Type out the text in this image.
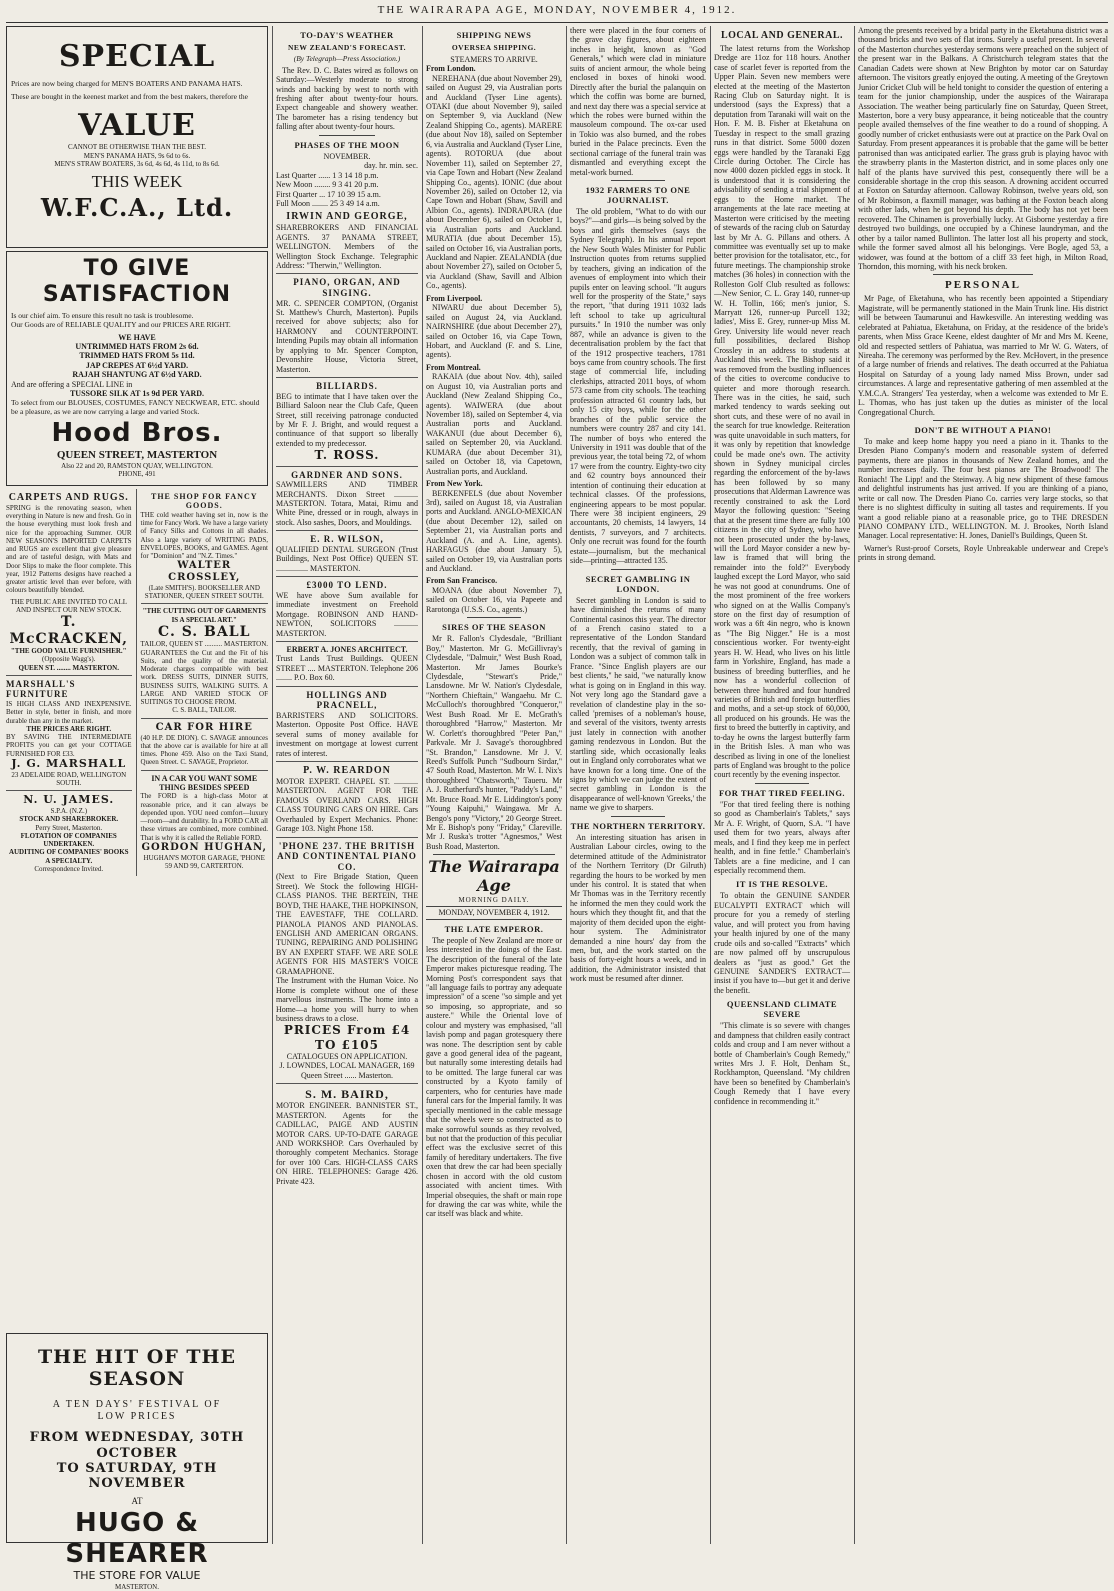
THE WAIRARAPA AGE, MONDAY, NOVEMBER 4, 1912.
SPECIAL
Prices are now being charged for MEN'S BOATERS AND PANAMA HATS.
These are bought in the keenest market and from the best makers, therefore the
VALUE
CANNOT BE OTHERWISE THAN THE BEST.
MEN'S PANAMA HATS, 9s 6d to 6s.
MEN'S STRAW BOATERS, 3s 6d, 4s 6d, 4s 11d, to 8s 6d.
THIS WEEK
W.F.C.A., Ltd.
TO GIVE SATISFACTION
Is our chief aim. To ensure this result no task is troublesome.
Our Goods are of RELIABLE QUALITY and our PRICES ARE RIGHT.
WE HAVE
UNTRIMMED HATS FROM 2s 6d.
TRIMMED HATS FROM 5s 11d.
JAP CREPES AT 6½d YARD.
RAJAH SHANTUNG AT 6½d YARD.
And are offering a SPECIAL LINE in
TUSSORE SILK AT 1s 9d PER YARD.
To select from our BLOUSES, COSTUMES, FANCY NECKWEAR, ETC. should be a pleasure, as we are now carrying a large and varied Stock.
Hood Bros.
QUEEN STREET, MASTERTON
Also 22 and 20, RAMSTON QUAY, WELLINGTON.
PHONE, 491
CARPETS AND RUGS.
SPRING is the renovating season, when everything in Nature is new and fresh. Go in the house everything must look fresh and nice for the approaching Summer. OUR NEW SEASON'S IMPORTED CARPETS and RUGS are excellent that give pleasure and are of tasteful design, with Mats and Door Slips to make the floor complete. This year, 1912 Patterns designs have reached a greater artistic level than ever before, with colours beautifully blended.
THE PUBLIC ARE INVITED TO CALL AND INSPECT OUR NEW STOCK.
T. McCRACKEN,
"THE GOOD VALUE FURNISHER."
(Opposite Wagg's).
QUEEN ST. ........ MASTERTON.
MARSHALL'S FURNITURE
IS HIGH CLASS AND INEXPENSIVE. Better in style, better in finish, and more durable than any in the market.
THE PRICES ARE RIGHT.
BY SAVING THE INTERMEDIATE PROFITS you can get your COTTAGE FURNISHED FOR £33.
J. G. MARSHALL
23 ADELAIDE ROAD, WELLINGTON SOUTH.
N. U. JAMES.
S.P.A. (N.Z.)
STOCK AND SHAREBROKER.
Perry Street, Masterton.
FLOTATION OF COMPANIES UNDERTAKEN.
AUDITING OF COMPANIES' BOOKS A SPECIALTY.
Correspondence Invited.
THE SHOP FOR FANCY GOODS.
THE cold weather having set in, now is the time for Fancy Work. We have a large variety of Fancy Silks and Cottons in all shades. Also a large variety of WRITING PADS, ENVELOPES, BOOKS, and GAMES. Agent for "Dominion" and "N.Z. Times."
WALTER CROSSLEY,
(Late SMITH'S). BOOKSELLER AND STATIONER, QUEEN STREET SOUTH.
"THE CUTTING OUT OF GARMENTS IS A SPECIAL ART."
C. S. BALL
TAILOR, QUEEN ST .......... MASTERTON. GUARANTEES the Cut and the Fit of his Suits, and the quality of the material. Moderate charges compatible with best work. DRESS SUITS, DINNER SUITS, BUSINESS SUITS, WALKING SUITS. A LARGE AND VARIED STOCK OF SUITINGS TO CHOOSE FROM.
C. S. BALL, TAILOR.
CAR FOR HIRE
(40 H.P. DE DION). C. SAVAGE announces that the above car is available for hire at all times. Phone 459. Also on the Taxi Stand, Queen Street. C. SAVAGE, Proprietor.
IN A CAR YOU WANT SOME THING BESIDES SPEED
The FORD is a high-class Motor at reasonable price, and it can always be depended upon. YOU need comfort—luxury—room—and durability. In a FORD CAR all these virtues are combined, more combined. That is why it is called the Reliable FORD.
GORDON HUGHAN,
HUGHAN'S MOTOR GARAGE, 'PHONE 59 AND 99, CARTERTON.
THE HIT OF THE SEASON
A TEN DAYS' FESTIVAL OF
LOW PRICES
FROM WEDNESDAY, 30TH OCTOBER
TO SATURDAY, 9TH NOVEMBER
AT
HUGO & SHEARER
THE STORE FOR VALUE
MASTERTON.
TO-DAY'S WEATHER
NEW ZEALAND'S FORECAST.
(By Telegraph—Press Association.)

The Rev. D. C. Bates wired as follows on Saturday:—Westerly moderate to strong winds and backing by west to north with freshing after about twenty-four hours. Expect changeable and showery weather. The barometer has a rising tendency but falling after about twenty-four hours.

PHASES OF THE MOON
NOVEMBER.
day. hr. min. sec.
Last Quarter ...... 1 3 14 18 p.m.
New Moon ........ 9 3 41 20 p.m.
First Quarter ... 17 10 39 15 a.m.
Full Moon ........ 25 3 49 14 a.m.
IRWIN AND GEORGE,
SHAREBROKERS AND FINANCIAL AGENTS. 37 PANAMA STREET, WELLINGTON. Members of the Wellington Stock Exchange. Telegraphic Address: "Therwin," Wellington.
PIANO, ORGAN, AND SINGING.
MR. C. SPENCER COMPTON, (Organist St. Matthew's Church, Masterton). Pupils received for above subjects; also for HARMONY and COUNTERPOINT. Intending Pupils may obtain all information by applying to Mr. Spencer Compton, Devonshire House, Victoria Street, Masterton.
BILLIARDS.
BEG to intimate that I have taken over the Billiard Saloon near the Club Cafe, Queen Street, still receiving patronage conducted by Mr F. J. Bright, and would request a continuance of that support so liberally extended to my predecessor.
T. ROSS.
GARDNER AND SONS.
SAWMILLERS AND TIMBER MERCHANTS. Dixon Street ............ MASTERTON. Totara, Matai, Rimu and White Pine, dressed or in rough, always in stock. Also sashes, Doors, and Mouldings.
E. R. WILSON,
QUALIFIED DENTAL SURGEON (Trust Buildings, Next Post Office) QUEEN ST. ................ MASTERTON.
£3000 TO LEND.
WE have above Sum available for immediate investment on Freehold Mortgage. ROBINSON AND HAND-NEWTON, SOLICITORS ............ MASTERTON.
ERBERT A. JONES ARCHITECT.
Trust Lands Trust Buildings. QUEEN STREET .... MASTERTON. Telephone 206 ........ P.O. Box 60.
HOLLINGS AND PRACNELL,
BARRISTERS AND SOLICITORS. Masterton. Opposite Post Office. HAVE several sums of money available for investment on mortgage at lowest current rates of interest.
P. W. REARDON
MOTOR EXPERT. CHAPEL ST. ............ MASTERTON. AGENT FOR THE FAMOUS OVERLAND CARS. HIGH CLASS TOURING CARS ON HIRE. Cars Overhauled by Expert Mechanics. Phone: Garage 103. Night Phone 158.
'PHONE 237. THE BRITISH AND CONTINENTAL PIANO CO.
(Next to Fire Brigade Station, Queen Street). We Stock the following HIGH-CLASS PIANOS. THE BERTEIN, THE BOYD, THE HAAKE, THE HOPKINSON, THE EAVESTAFF, THE COLLARD. PIANOLA PIANOS AND PIANOLAS. ENGLISH AND AMERICAN ORGANS. TUNING, REPAIRING AND POLISHING BY AN EXPERT STAFF. WE ARE SOLE AGENTS FOR HIS MASTER'S VOICE GRAMAPHONE.
The Instrument with the Human Voice. No Home is complete without one of these marvellous instruments. The home into a Home—a home you will hurry to when business draws to a close.
PRICES From £4 TO £105
CATALOGUES ON APPLICATION.
J. LOWNDES, LOCAL MANAGER, 169 Queen Street ...... Masterton.
S. M. BAIRD,
MOTOR ENGINEER. BANNISTER ST., MASTERTON. Agents for the CADILLAC, PAIGE AND AUSTIN MOTOR CARS. UP-TO-DATE GARAGE AND WORKSHOP. Cars Overhauled by thoroughly competent Mechanics. Storage for over 100 Cars. HIGH-CLASS CARS ON HIRE. TELEPHONES: Garage 426. Private 423.
SHIPPING NEWS
OVERSEA SHIPPING.
STEAMERS TO ARRIVE.
From London.

NEREHANA (due about November 29), sailed on August 29, via Australian ports and Auckland (Tyser Line agents). OTAKI (due about November 9), sailed on September 9, via Auckland (New Zealand Shipping Co., agents). MARERE (due about Nov 18), sailed on September 6, via Australia and Auckland (Tyser Line, agents). ROTORUA (due about November 11), sailed on September 27, via Cape Town and Hobart (New Zealand Shipping Co., agents). IONIC (due about November 26), sailed on October 12, via Cape Town and Hobart (Shaw, Savill and Albion Co., agents). INDRAPURA (due about December 6), sailed on October 1, via Australian ports and Auckland. MURATIA (due about December 15), sailed on October 16, via Australian ports, Auckland and Napier. ZEALANDIA (due about November 27), sailed on October 5, via Auckland (Shaw, Savill and Albion Co., agents).

From Liverpool.

NIWARU due about December 5), sailed on August 24, via Auckland. NAIRNSHIRE (due about December 27), sailed on October 16, via Cape Town, Hobart, and Auckland (F. and S. Line, agents).

From Montreal.

RAKAIA (due about Nov. 4th), sailed on August 10, via Australian ports and Auckland (New Zealand Shipping Co., agents). WAIWERA (due about November 18), sailed on September 4, via Australian ports and Auckland. WAKANUI (due about December 6), sailed on September 20, via Auckland. KUMARA (due about December 31), sailed on October 18, via Capetown, Australian ports, and Auckland.

From New York.

BERKENFELS (due about November 3rd), sailed on August 18, via Australian ports and Auckland. ANGLO-MEXICAN (due about December 12), sailed on September 21, via Australian ports and Auckland (A. and A. Line, agents). HARFAGUS (due about January 5), sailed on October 19, via Australian ports and Auckland.

From San Francisco.

MOANA (due about November 7), sailed on October 16, via Papeete and Rarotonga (U.S.S. Co., agents.)

SIRES OF THE SEASON

Mr R. Fallon's Clydesdale, "Brilliant Boy," Masterton. Mr G. McGillivray's Clydesdale, "Dalmuir," West Bush Road, Masterton. Mr James Bourke's Clydesdale, "Stewart's Pride," Lansdowne. Mr W. Nation's Clydesdale, "Northern Chieftain," Wangaehu. Mr C. McCulloch's thoroughbred "Conqueror," West Bush Road. Mr E. McGrath's thoroughbred "Harrow," Masterton. Mr W. Corlett's thoroughbred "Peter Pan," Parkvale. Mr J. Savage's thoroughbred "St. Brandon," Lansdowne. Mr J. V. Reed's Suffolk Punch "Sudbourn Sirdar," 47 South Road, Masterton. Mr W. I. Nix's thoroughbred "Chatsworth," Taueru. Mr A. J. Rutherfurd's hunter, "Paddy's Land," Mt. Bruce Road. Mr E. Liddington's pony "Young Kaipuhi," Waingawa. Mr A. Bengo's pony "Victory," 20 George Street. Mr E. Bishop's pony "Friday," Clareville. Mr J. Ruska's trotter "Agnesmos," West Bush Road, Masterton.

The Wairarapa Age
MORNING DAILY.
MONDAY, NOVEMBER 4, 1912.
THE LATE EMPEROR.

The people of New Zealand are more or less interested in the doings of the East. The description of the funeral of the late Emperor makes picturesque reading. The Morning Post's correspondent says that "all language fails to portray any adequate impression" of a scene "so simple and yet so imposing, so appropriate, and so austere." While the Oriental love of colour and mystery was emphasised, "all lavish pomp and pagan grotesquery there was none. The description sent by cable gave a good general idea of the pageant, but naturally some interesting details had to be omitted. The large funeral car was constructed by a Kyoto family of carpenters, who for centuries have made funeral cars for the Imperial family. It was specially mentioned in the cable message that the wheels were so constructed as to make sorrowful sounds as they revolved, but not that the production of this peculiar effect was the exclusive secret of this family of hereditary undertakers. The five oxen that drew the car had been specially chosen in accord with the old custom associated with ancient times. With Imperial obsequies, the shaft or main rope for drawing the car was white, while the car itself was black and white.

there were placed in the four corners of the grave clay figures, about eighteen inches in height, known as "God Generals," which were clad in miniature suits of ancient armour, the whole being enclosed in boxes of hinoki wood. Directly after the burial the palanquin on which the coffin was borne are burned, and next day there was a special service at which the robes were burned within the mausoleum compound. The ox-car used in Tokio was also burned, and the robes buried in the Palace precincts. Even the sectional carriage of the funeral train was dismantled and everything except the metal-work burned.

1932 FARMERS TO ONE JOURNALIST.

The old problem, "What to do with our boys?"—and girls—is being solved by the boys and girls themselves (says the Sydney Telegraph). In his annual report the New South Wales Minister for Public Instruction quotes from returns supplied by teachers, giving an indication of the avenues of employment into which their pupils enter on leaving school. "It augurs well for the prosperity of the State," says the report, "that during 1911 1032 lads left school to take up agricultural pursuits." In 1910 the number was only 887, while an advance is given to the decentralisation problem by the fact that of the 1912 prospective teachers, 1781 boys came from country schools. The first stage of commercial life, including clerkships, attracted 2011 boys, of whom 573 came from city schools. The teaching profession attracted 61 country lads, but only 15 city boys, while for the other branches of the public service the numbers were country 287 and city 141. The number of boys who entered the University in 1911 was double that of the previous year, the total being 72, of whom 17 were from the country. Eighty-two city and 62 country boys announced their intention of continuing their education at technical classes. Of the professions, engineering appears to be most popular. There were 38 incipient engineers, 29 accountants, 20 chemists, 14 lawyers, 14 dentists, 7 surveyors, and 7 architects. Only one recruit was found for the fourth estate—journalism, but the mechanical side—printing—attracted 135.

SECRET GAMBLING IN LONDON.

Secret gambling in London is said to have diminished the returns of many Continental casinos this year. The director of a French casino stated to a representative of the London Standard recently, that the revival of gaming in London was a subject of common talk in France. "Since English players are our best clients," he said, "we naturally know what is going on in England in this way. Not very long ago the Standard gave a revelation of clandestine play in the so-called 'premises of a nobleman's house, and several of the visitors, twenty arrests just lately in connection with another gaming rendezvous in London. But the startling side, which occasionally leaks out in England only corroborates what we have known for a long time. One of the signs by which we can judge the extent of secret gambling in London is the disappearance of well-known 'Greeks,' the name we give to sharpers.

THE NORTHERN TERRITORY.

An interesting situation has arisen in Australian Labour circles, owing to the determined attitude of the Administrator of the Northern Territory (Dr Gilruth) regarding the hours to be worked by men under his control. It is stated that when Mr Thomas was in the Territory recently he informed the men they could work the hours which they thought fit, and that the majority of them decided upon the eight-hour system. The Administrator demanded a nine hours' day from the men, but, and the work started on the basis of forty-eight hours a week, and in addition, the Administrator insisted that work must be resumed after dinner.

LOCAL AND GENERAL.

The latest returns from the Workshop Dredge are 11oz for 118 hours. Another case of scarlet fever is reported from the Upper Plain. Seven new members were elected at the meeting of the Masterton Racing Club on Saturday night. It is understood (says the Express) that a deputation from Taranaki will wait on the Hon. F. M. B. Fisher at Eketahuna on Tuesday in respect to the small grazing runs in that district. Some 5000 dozen eggs were handled by the Taranaki Egg Circle during October. The Circle has now 4000 dozen pickled eggs in stock. It is understood that it is considering the advisability of sending a trial shipment of eggs to the Home market. The arrangements at the late race meeting at Masterton were criticised by the meeting of stewards of the racing club on Saturday last by Mr A. G. Pillans and others. A committee was eventually set up to make better provision for the totalisator, etc., for future meetings. The championship stroke matches (36 holes) in connection with the Rolleston Golf Club resulted as follows:—New Senior, C. L. Gray 140, runner-up W. H. Tollin, 166; men's junior, S. Marryatt 126, runner-up Purcell 132; ladies', Miss E. Grey, runner-up Miss M. Grey. University life would never reach full possibilities, declared Bishop Crossley in an address to students at Auckland this week. The Bishop said it was removed from the bustling influences of the cities to overcome conducive to quieter and more thorough research. There was in the cities, he said, such marked tendency to wards seeking out short cuts, and these were of no avail in the search for true knowledge. Reiteration was quite unavoidable in such matters, for it was only by repetition that knowledge could be made one's own. The activity shown in Sydney municipal circles regarding the enforcement of the by-laws has been followed by so many prosecutions that Alderman Lawrence was recently constrained to ask the Lord Mayor the following question: "Seeing that at the present time there are fully 100 citizens in the city of Sydney, who have not been prosecuted under the by-laws, will the Lord Mayor consider a new by-law is framed that will bring the remainder into the fold?" Everybody laughed except the Lord Mayor, who said he was not good at conundrums. One of the most prominent of the free workers who signed on at the Wallis Company's store on the first day of resumption of work was a 6ft 4in negro, who is known as "The Big Nigger." He is a most conscientious worker. For twenty-eight years H. W. Head, who lives on his little farm in Yorkshire, England, has made a business of breeding butterflies, and he now has a wonderful collection of between three hundred and four hundred varieties of British and foreign butterflies and moths, and a set-up stock of 60,000, all produced on his grounds. He was the first to breed the butterfly in captivity, and to-day he owns the largest butterfly farm in the British Isles. A man who was described as living in one of the loneliest parts of England was brought to the police court recently by the evening inspector.

FOR THAT TIRED FEELING.

"For that tired feeling there is nothing so good as Chamberlain's Tablets," says Mr A. F. Wright, of Quorn, S.A. "I have used them for two years, always after meals, and I find they keep me in perfect health, and in fine fettle." Chamberlain's Tablets are a fine medicine, and I can especially recommend them.

IT IS THE RESOLVE.

To obtain the GENUINE SANDER EUCALYPTI EXTRACT which will procure for you a remedy of sterling value, and will protect you from having your health injured by one of the many crude oils and so-called "Extracts" which are now palmed off by unscrupulous dealers as "just as good." Get the GENUINE SANDER'S EXTRACT—insist if you have to—but get it and derive the benefit.

QUEENSLAND CLIMATE SEVERE

"This climate is so severe with changes and dampness that children easily contract colds and croup and I am never without a bottle of Chamberlain's Cough Remedy," writes Mrs J. F. Holt, Denham St., Rockhampton, Queensland. "My children have been so benefited by Chamberlain's Cough Remedy that I have every confidence in recommending it."

Among the presents received by a bridal party in the Eketahuna district was a thousand bricks and two sets of flat irons. Surely a useful present. In several of the Masterton churches yesterday sermons were preached on the subject of the present war in the Balkans. A Christchurch telegram states that the Canadian Cadets were shown at New Brighton by motor car on Saturday afternoon. The visitors greatly enjoyed the outing. A meeting of the Greytown Junior Cricket Club will be held tonight to consider the question of entering a team for the junior championship, under the auspices of the Wairarapa Association. The weather being particularly fine on Saturday, Queen Street, Masterton, bore a very busy appearance, it being noticeable that the country people availed themselves of the fine weather to do a round of shopping. A goodly number of cricket enthusiasts were out at practice on the Park Oval on Saturday. From present appearances it is probable that the game will be better patronised than was anticipated earlier. The grass grub is playing havoc with the strawberry plants in the Masterton district, and in some places only one half of the plants have survived this pest, consequently there will be a considerable shortage in the crop this season. A drowning accident occurred at Foxton on Saturday afternoon. Calloway Robinson, twelve years old, son of Mr Robinson, a flaxmill manager, was bathing at the Foxton beach along with other lads, when he got beyond his depth. The body has not yet been recovered. The Chinamen is proverbially lucky. At Gisborne yesterday a fire destroyed two buildings, one occupied by a Chinese laundryman, and the other by a tailor named Bullinton. The latter lost all his property and stock, while the former saved almost all his belongings. Vere Bogle, aged 53, a widower, was found at the bottom of a cliff 33 feet high, in Milton Road, Thorndon, this morning, with his neck broken.

PERSONAL

Mr Page, of Eketahuna, who has recently been appointed a Stipendiary Magistrate, will be permanently stationed in the Main Trunk line. His district will be between Taumarunui and Hawkesville. An interesting wedding was celebrated at Pahiatua, Eketahuna, on Friday, at the residence of the bride's parents, when Miss Grace Keene, eldest daughter of Mr and Mrs M. Keene, old and respected settlers of Pahiatua, was married to Mr W. G. Waters, of Nireaha. The ceremony was performed by the Rev. McHovert, in the presence of a large number of friends and relatives. The death occurred at the Pahiatua Hospital on Saturday of a young lady named Miss Brown, under sad circumstances. A large and representative gathering of men assembled at the Y.M.C.A. Strangers' Tea yesterday, when a welcome was extended to Mr E. L. Thomas, who has just taken up the duties as minister of the local Congregational Church.

DON'T BE WITHOUT A PIANO!

To make and keep home happy you need a piano in it. Thanks to the Dresden Piano Company's modern and reasonable system of deferred payments, there are pianos in thousands of New Zealand homes, and the number increases daily. The four best pianos are The Broadwood! The Roniach! The Lipp! and the Steinway. A big new shipment of these famous and delightful instruments has just arrived. If you are thinking of a piano, write or call now. The Dresden Piano Co. carries very large stocks, so that there is no slightest difficulty in suiting all tastes and requirements. If you want a good reliable piano at a reasonable price, go to THE DRESDEN PIANO COMPANY LTD., WELLINGTON. M. J. Brookes, North Island Manager. Local representative: H. Jones, Daniell's Buildings, Queen St.

Warner's Rust-proof Corsets, Royle Unbreakable underwear and Crepe's prints in strong demand.
